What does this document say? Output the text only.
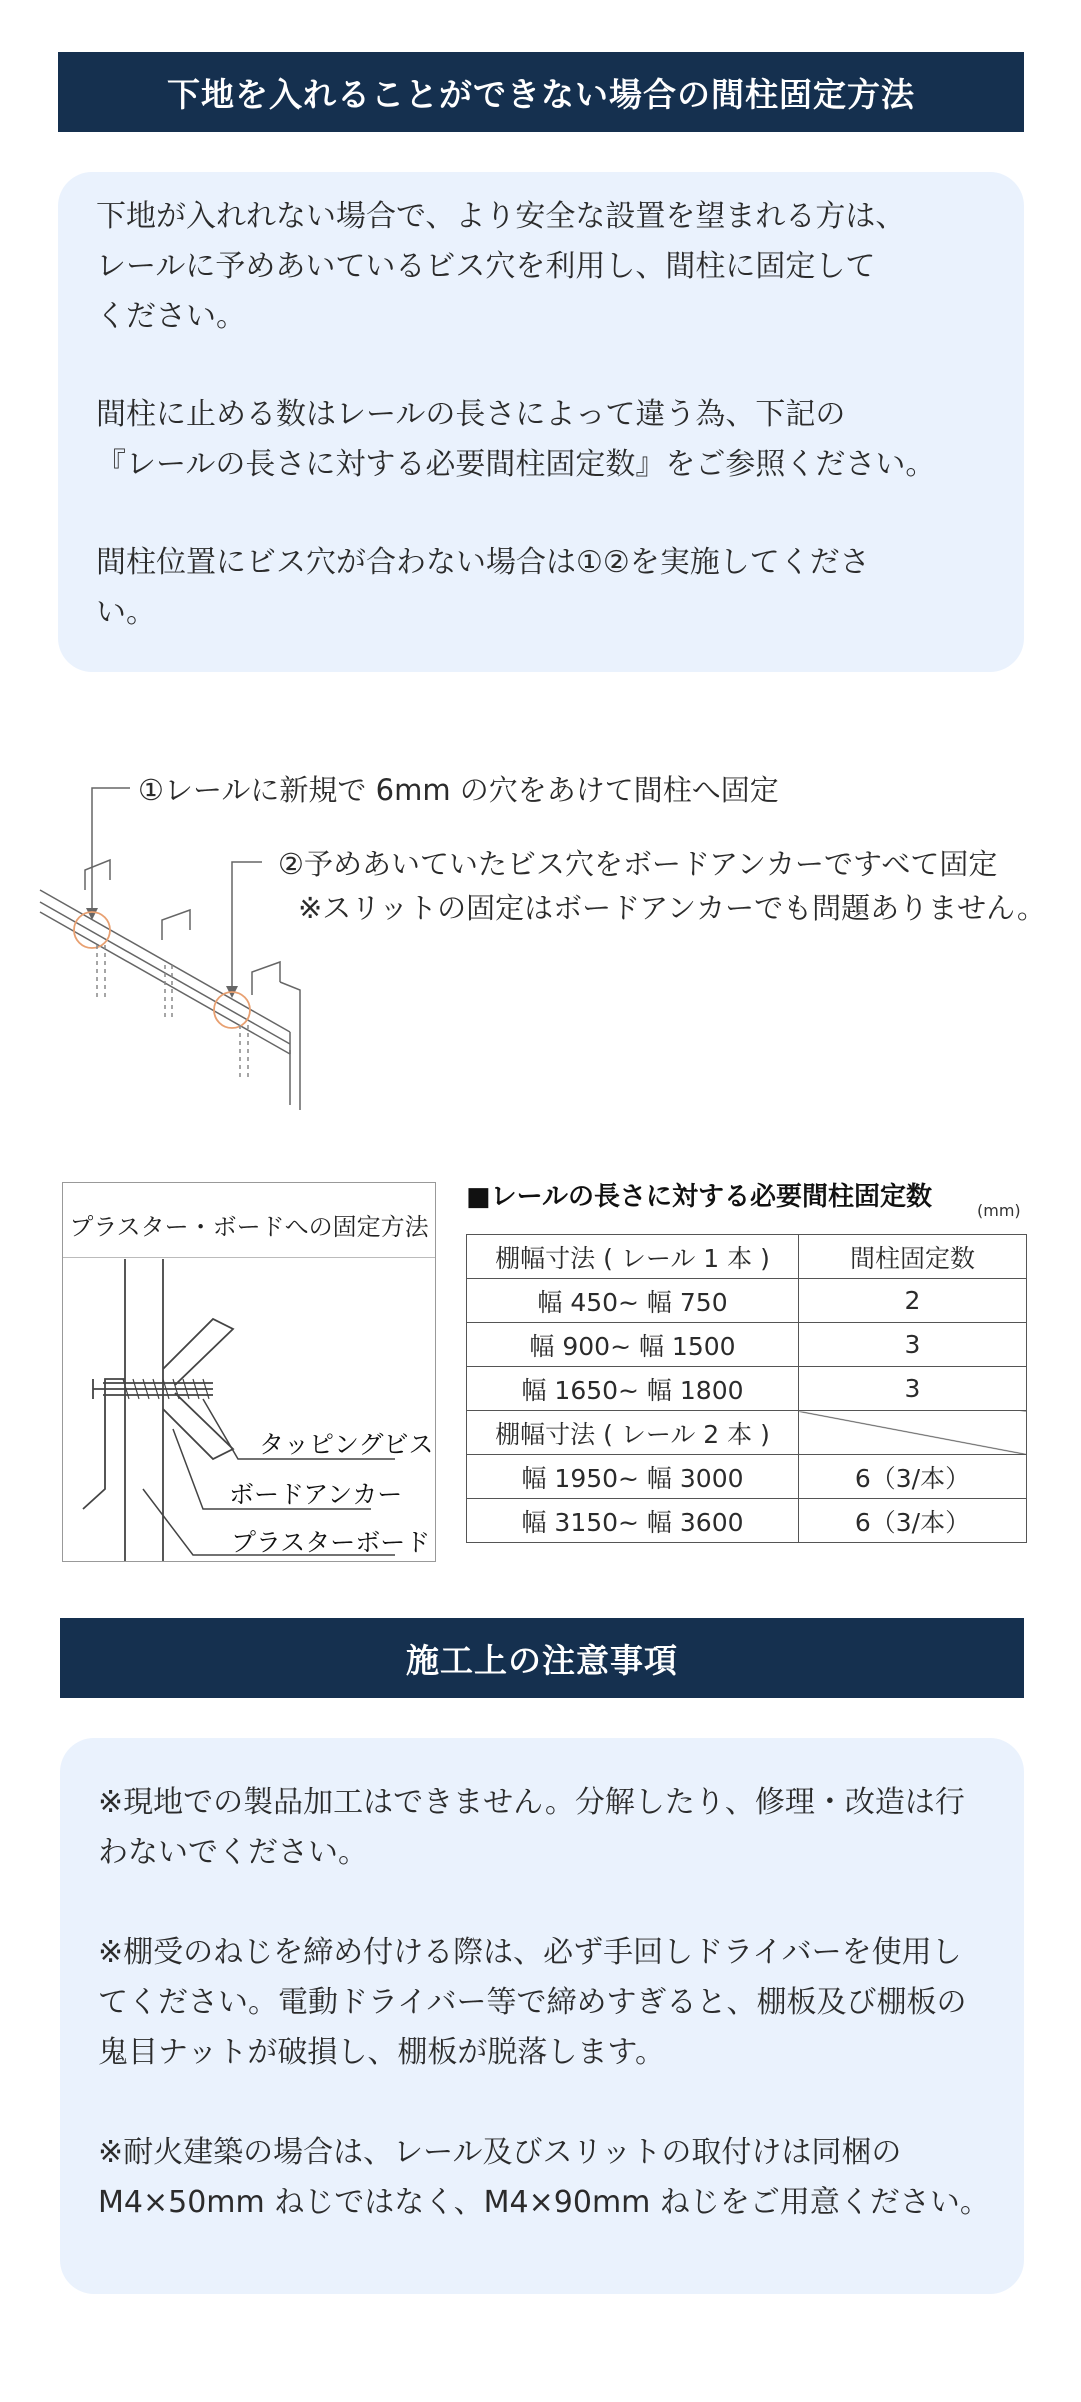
下地を入れることができない場合の間柱固定方法
下地が入れれない場合で、より安全な設置を望まれる方は、
レールに予めあいているビス穴を利用し、間柱に固定して
ください。
間柱に止める数はレールの長さによって違う為、下記の
『レールの長さに対する必要間柱固定数』をご参照ください。
間柱位置にビス穴が合わない場合は①②を実施してくださ
い。
①レールに新規で 6mm の穴をあけて間柱へ固定
②予めあいていたビス穴をボードアンカーですべて固定
※スリットの固定はボードアンカーでも問題ありません。
プラスター・ボードへの固定方法
タッピングビス
ボードアンカー
プラスターボード
■レールの長さに対する必要間柱固定数	(mm)
棚幅寸法 ( レール 1 本 )	間柱固定数
幅 450~ 幅 750	2
幅 900~ 幅 1500	3
幅 1650~ 幅 1800	3
棚幅寸法 ( レール 2 本 )	
幅 1950~ 幅 3000	6（3/本）
幅 3150~ 幅 3600	6（3/本）
施工上の注意事項
※現地での製品加工はできません。分解したり、修理・改造は行
わないでください。
※棚受のねじを締め付ける際は、必ず手回しドライバーを使用し
てください。電動ドライバー等で締めすぎると、棚板及び棚板の
鬼目ナットが破損し、棚板が脱落します。
※耐火建築の場合は、レール及びスリットの取付けは同梱の
M4×50mm ねじではなく、M4×90mm ねじをご用意ください。
